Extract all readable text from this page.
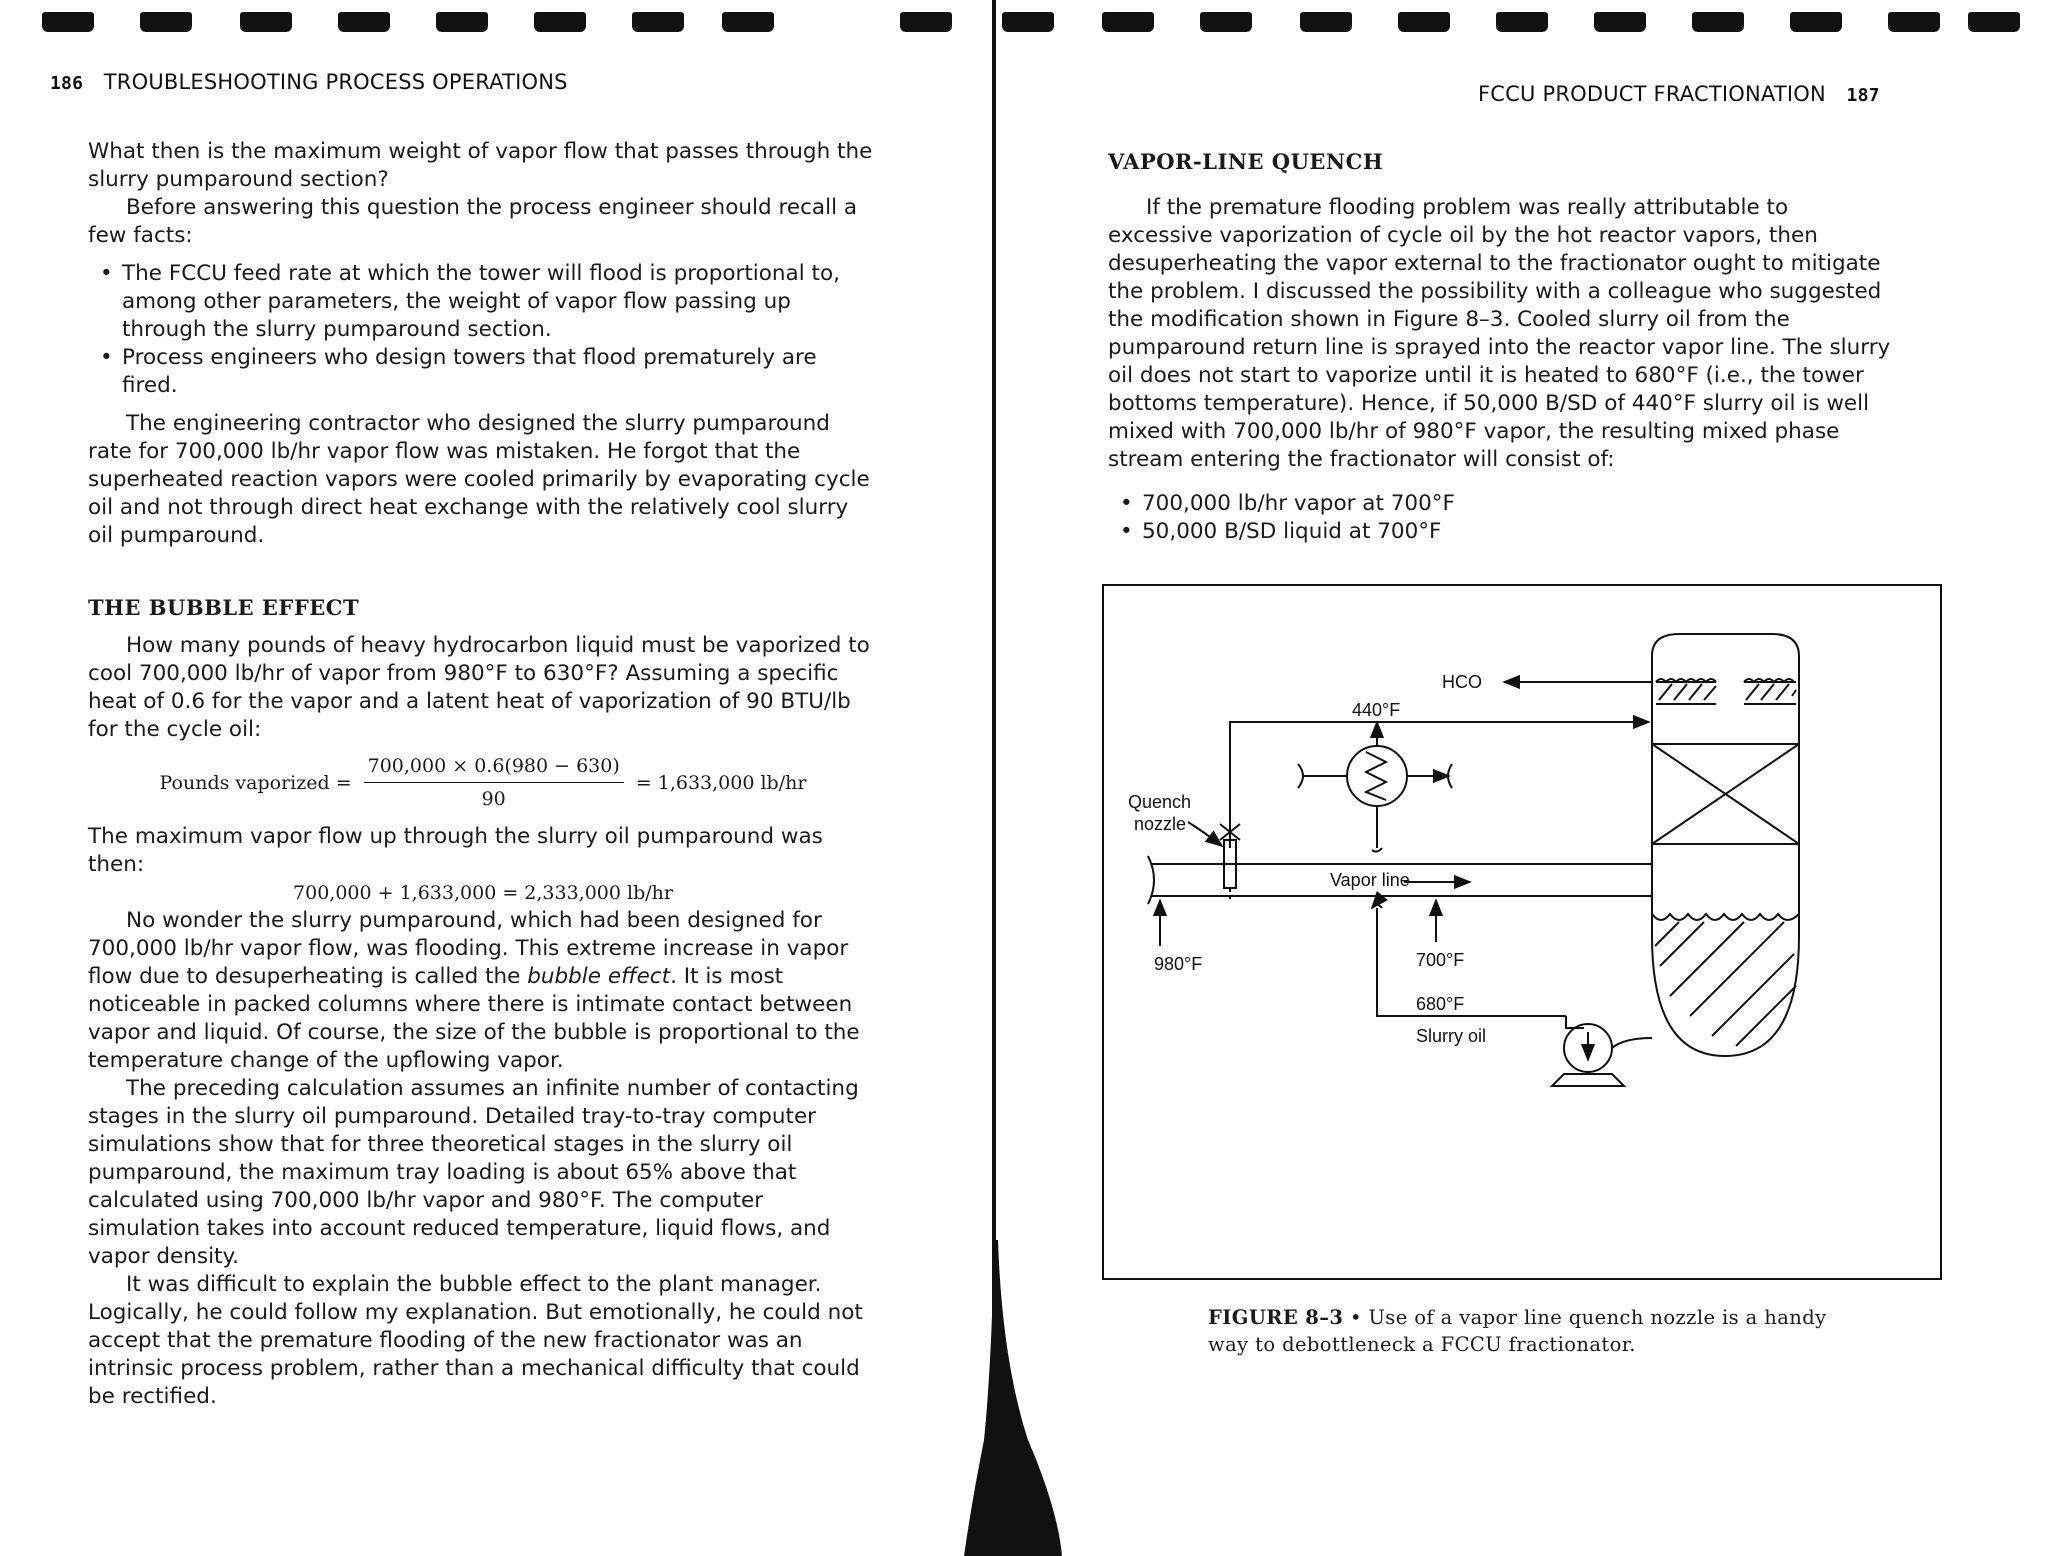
186 TROUBLESHOOTING PROCESS OPERATIONS

What then is the maximum weight of vapor flow that passes through the slurry pumparound section?

Before answering this question the process engineer should recall a few facts:

• The FCCU feed rate at which the tower will flood is proportional to, among other parameters, the weight of vapor flow passing up through the slurry pumparound section.
• Process engineers who design towers that flood prematurely are fired.

The engineering contractor who designed the slurry pumparound rate for 700,000 lb/hr vapor flow was mistaken. He forgot that the superheated reaction vapors were cooled primarily by evaporating cycle oil and not through direct heat exchange with the relatively cool slurry oil pumparound.

THE BUBBLE EFFECT

How many pounds of heavy hydrocarbon liquid must be vaporized to cool 700,000 lb/hr of vapor from 980°F to 630°F? Assuming a specific heat of 0.6 for the vapor and a latent heat of vaporization of 90 BTU/lb for the cycle oil:

Pounds vaporized = $\frac{700,000 \times 0.6(980 - 630)}{90} = 1,633,000$ lb/hr

The maximum vapor flow up through the slurry oil pumparound was then:

700,000 + 1,633,000 = 2,333,000 lb/hr

No wonder the slurry pumparound, which had been designed for 700,000 lb/hr vapor flow, was flooding. This extreme increase in vapor flow due to desuperheating is called the bubble effect. It is most noticeable in packed columns where there is intimate contact between vapor and liquid. Of course, the size of the bubble is proportional to the temperature change of the upflowing vapor.

The preceding calculation assumes an infinite number of contacting stages in the slurry oil pumparound. Detailed tray-to-tray computer simulations show that for three theoretical stages in the slurry oil pumparound, the maximum tray loading is about 65% above that calculated using 700,000 lb/hr vapor and 980°F. The computer simulation takes into account reduced temperature, liquid flows, and vapor density.

It was difficult to explain the bubble effect to the plant manager. Logically, he could follow my explanation. But emotionally, he could not accept that the premature flooding of the new fractionator was an intrinsic process problem, rather than a mechanical difficulty that could be rectified.

FCCU PRODUCT FRACTIONATION 187

VAPOR-LINE QUENCH

If the premature flooding problem was really attributable to excessive vaporization of cycle oil by the hot reactor vapors, then desuperheating the vapor external to the fractionator ought to mitigate the problem. I discussed the possibility with a colleague who suggested the modification shown in Figure 8–3. Cooled slurry oil from the pumparound return line is sprayed into the reactor vapor line. The slurry oil does not start to vaporize until it is heated to 680°F (i.e., the tower bottoms temperature). Hence, if 50,000 B/SD of 440°F slurry oil is well mixed with 700,000 lb/hr of 980°F vapor, the resulting mixed phase stream entering the fractionator will consist of:

• 700,000 lb/hr vapor at 700°F
• 50,000 B/SD liquid at 700°F
HCO
440°F
Quench
nozzle
Vapor line
980°F	700°F
680°F
Slurry oil
FIGURE 8–3 • Use of a vapor line quench nozzle is a handy way to debottleneck a FCCU fractionator.
